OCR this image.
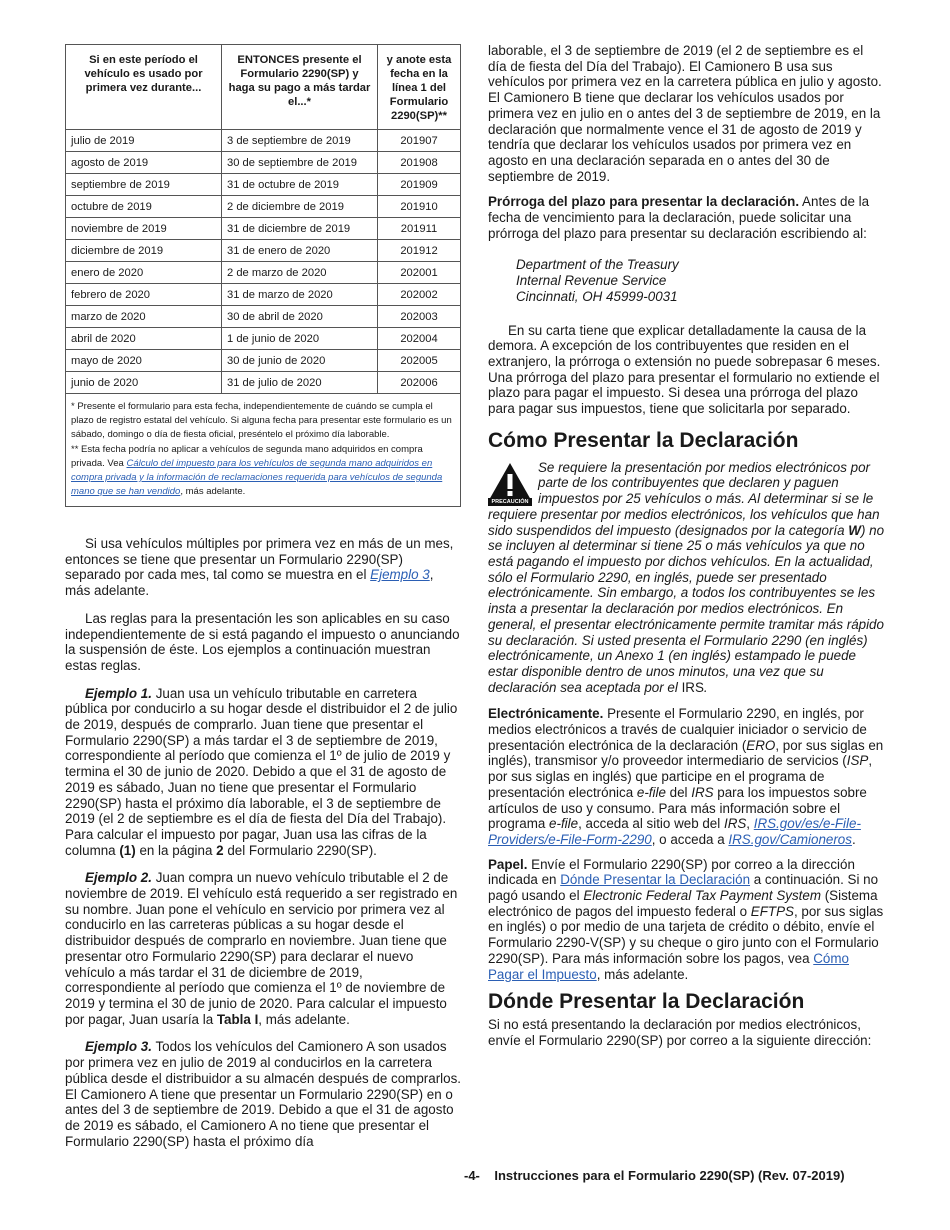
Si en este período el vehículo es usado por primera vez durante...	ENTONCES presente el Formulario 2290(SP) y haga su pago a más tardar el...*	y anote esta fecha en la línea 1 del Formulario 2290(SP)**
julio de 2019	3 de septiembre de 2019	201907
agosto de 2019	30 de septiembre de 2019	201908
septiembre de 2019	31 de octubre de 2019	201909
octubre de 2019	2 de diciembre de 2019	201910
noviembre de 2019	31 de diciembre de 2019	201911
diciembre de 2019	31 de enero de 2020	201912
enero de 2020	2 de marzo de 2020	202001
febrero de 2020	31 de marzo de 2020	202002
marzo de 2020	30 de abril de 2020	202003
abril de 2020	1 de junio de 2020	202004
mayo de 2020	30 de junio de 2020	202005
junio de 2020	31 de julio de 2020	202006
* Presente el formulario para esta fecha, independientemente de cuándo se cumpla el plazo de registro estatal del vehículo. Si alguna fecha para presentar este formulario es un sábado, domingo o día de fiesta oficial, preséntelo el próximo día laborable.
** Esta fecha podría no aplicar a vehículos de segunda mano adquiridos en compra privada. Vea Cálculo del impuesto para los vehículos de segunda mano adquiridos en compra privada y la información de reclamaciones requerida para vehículos de segunda mano que se han vendido, más adelante.

Si usa vehículos múltiples por primera vez en más de un mes, entonces se tiene que presentar un Formulario 2290(SP) separado por cada mes, tal como se muestra en el Ejemplo 3, más adelante.

Las reglas para la presentación les son aplicables en su caso independientemente de si está pagando el impuesto o anunciando la suspensión de éste. Los ejemplos a continuación muestran estas reglas.

Ejemplo 1. Juan usa un vehículo tributable en carretera pública por conducirlo a su hogar desde el distribuidor el 2 de julio de 2019, después de comprarlo. Juan tiene que presentar el Formulario 2290(SP) a más tardar el 3 de septiembre de 2019, correspondiente al período que comienza el 1º de julio de 2019 y termina el 30 de junio de 2020. Debido a que el 31 de agosto de 2019 es sábado, Juan no tiene que presentar el Formulario 2290(SP) hasta el próximo día laborable, el 3 de septiembre de 2019 (el 2 de septiembre es el día de fiesta del Día del Trabajo). Para calcular el impuesto por pagar, Juan usa las cifras de la columna (1) en la página 2 del Formulario 2290(SP).

Ejemplo 2. Juan compra un nuevo vehículo tributable el 2 de noviembre de 2019. El vehículo está requerido a ser registrado en su nombre. Juan pone el vehículo en servicio por primera vez al conducirlo en las carreteras públicas a su hogar desde el distribuidor después de comprarlo en noviembre. Juan tiene que presentar otro Formulario 2290(SP) para declarar el nuevo vehículo a más tardar el 31 de diciembre de 2019, correspondiente al período que comienza el 1º de noviembre de 2019 y termina el 30 de junio de 2020. Para calcular el impuesto por pagar, Juan usaría la Tabla I, más adelante.

Ejemplo 3. Todos los vehículos del Camionero A son usados por primera vez en julio de 2019 al conducirlos en la carretera pública desde el distribuidor a su almacén después de comprarlos. El Camionero A tiene que presentar un Formulario 2290(SP) en o antes del 3 de septiembre de 2019. Debido a que el 31 de agosto de 2019 es sábado, el Camionero A no tiene que presentar el Formulario 2290(SP) hasta el próximo día

laborable, el 3 de septiembre de 2019 (el 2 de septiembre es el día de fiesta del Día del Trabajo). El Camionero B usa sus vehículos por primera vez en la carretera pública en julio y agosto. El Camionero B tiene que declarar los vehículos usados por primera vez en julio en o antes del 3 de septiembre de 2019, en la declaración que normalmente vence el 31 de agosto de 2019 y tendría que declarar los vehículos usados por primera vez en agosto en una declaración separada en o antes del 30 de septiembre de 2019.

Prórroga del plazo para presentar la declaración. Antes de la fecha de vencimiento para la declaración, puede solicitar una prórroga del plazo para presentar su declaración escribiendo al:

Department of the Treasury
Internal Revenue Service
Cincinnati, OH 45999-0031

En su carta tiene que explicar detalladamente la causa de la demora. A excepción de los contribuyentes que residen en el extranjero, la prórroga o extensión no puede sobrepasar 6 meses. Una prórroga del plazo para presentar el formulario no extiende el plazo para pagar el impuesto. Si desea una prórroga del plazo para pagar sus impuestos, tiene que solicitarla por separado.

Cómo Presentar la Declaración
PRECAUCIÓN

Se requiere la presentación por medios electrónicos por parte de los contribuyentes que declaren y paguen impuestos por 25 vehículos o más. Al determinar si se le requiere presentar por medios electrónicos, los vehículos que han sido suspendidos del impuesto (designados por la categoría W) no se incluyen al determinar si tiene 25 o más vehículos ya que no está pagando el impuesto por dichos vehículos. En la actualidad, sólo el Formulario 2290, en inglés, puede ser presentado electrónicamente. Sin embargo, a todos los contribuyentes se les insta a presentar la declaración por medios electrónicos. En general, el presentar electrónicamente permite tramitar más rápido su declaración. Si usted presenta el Formulario 2290 (en inglés) electrónicamente, un Anexo 1 (en inglés) estampado le puede estar disponible dentro de unos minutos, una vez que su declaración sea aceptada por el IRS.

Electrónicamente. Presente el Formulario 2290, en inglés, por medios electrónicos a través de cualquier iniciador o servicio de presentación electrónica de la declaración (ERO, por sus siglas en inglés), transmisor y/o proveedor intermediario de servicios (ISP, por sus siglas en inglés) que participe en el programa de presentación electrónica e-file del IRS para los impuestos sobre artículos de uso y consumo. Para más información sobre el programa e-file, acceda al sitio web del IRS, IRS.gov/es/e-File-Providers/e-File-Form-2290, o acceda a IRS.gov/Camioneros.

Papel. Envíe el Formulario 2290(SP) por correo a la dirección indicada en Dónde Presentar la Declaración a continuación. Si no pagó usando el Electronic Federal Tax Payment System (Sistema electrónico de pagos del impuesto federal o EFTPS, por sus siglas en inglés) o por medio de una tarjeta de crédito o débito, envíe el Formulario 2290-V(SP) y su cheque o giro junto con el Formulario 2290(SP). Para más información sobre los pagos, vea Cómo Pagar el Impuesto, más adelante.

Dónde Presentar la Declaración

Si no está presentando la declaración por medios electrónicos, envíe el Formulario 2290(SP) por correo a la siguiente dirección:

-4- Instrucciones para el Formulario 2290(SP) (Rev. 07-2019)
